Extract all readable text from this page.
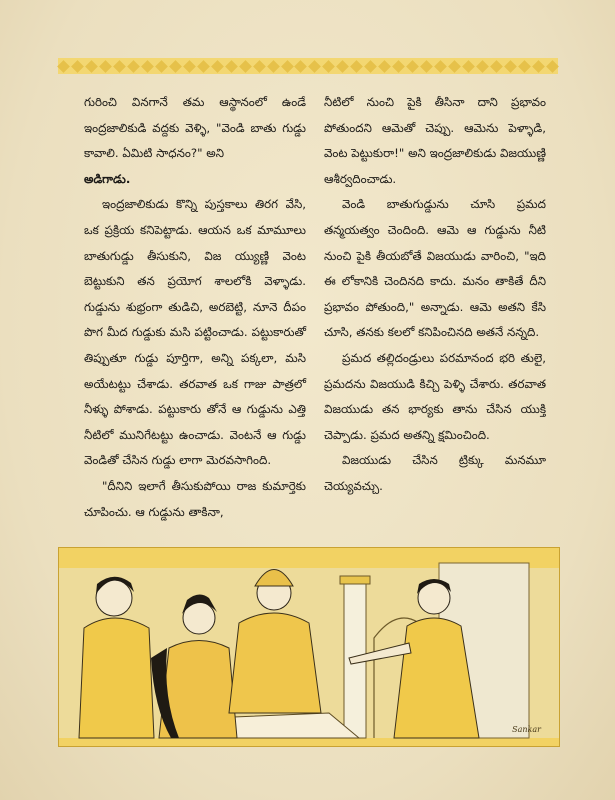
గురించి వినగానే తమ ఆస్థానంలో ఉండే ఇంద్రజాలికుడి వద్దకు వెళ్ళి, "వెండి బాతు గుడ్డు కావాలి. ఏమిటి సాధనం?" అని

అడిగాడు.

ఇంద్రజాలికుడు కొన్ని పుస్తకాలు తిరగ వేసి, ఒక ప్రక్రియ కనిపెట్టాడు. ఆయన ఒక మామూలు బాతుగుడ్డు తీసుకుని, విజ య్యుణ్ణి వెంట బెట్టుకుని తన ప్రయోగ శాలలోకి వెళ్ళాడు. గుడ్డును శుభ్రంగా తుడిచి, అరబెట్టి, నూనె దీపం పొగ మీద గుడ్డుకు మసి పట్టించాడు. పట్టుకారుతో తిప్పుతూ గుడ్డు పూర్తిగా, అన్ని పక్కలా, మసి అయేటట్టు చేశాడు. తరవాత ఒక గాజు పాత్రలో నీళ్ళు పోశాడు. పట్టుకారు తోనే ఆ గుడ్డును ఎత్తి నీటిలో మునిగేటట్టు ఉంచాడు. వెంటనే ఆ గుడ్డు వెండితో చేసిన గుడ్డు లాగా మెరవసాగింది.

"దీనిని ఇలాగే తీసుకుపోయి రాజ కుమార్తెకు చూపించు. ఆ గుడ్డును తాకినా,

నీటిలో నుంచి పైకి తీసినా దాని ప్రభావం పోతుందని ఆమెతో చెప్పు. ఆమెను పెళ్ళాడి, వెంట పెట్టుకురా!" అని ఇంద్రజాలికుడు విజయుణ్ణి ఆశీర్వదించాడు.

వెండి బాతుగుడ్డును చూసి ప్రమద తన్మయత్వం చెందింది. ఆమె ఆ గుడ్డును నీటి నుంచి పైకి తీయబోతే విజయుడు వారించి, "ఇది ఈ లోకానికి చెందినది కాదు. మనం తాకితే దీని ప్రభావం పోతుంది," అన్నాడు. ఆమె అతని కేసి చూసి, తనకు కలలో కనిపించినది అతనే నన్నది.

ప్రమద తల్లిదండ్రులు పరమానంద భరి తులై, ప్రమదను విజయుడి కిచ్చి పెళ్ళి చేశారు. తరవాత విజయుడు తన భార్యకు తాను చేసిన యుక్తి చెప్పాడు. ప్రమద అతన్ని క్షమించింది.

విజయుడు చేసిన ట్రిక్కు మనమూ చెయ్యవచ్చు.

Sankar
